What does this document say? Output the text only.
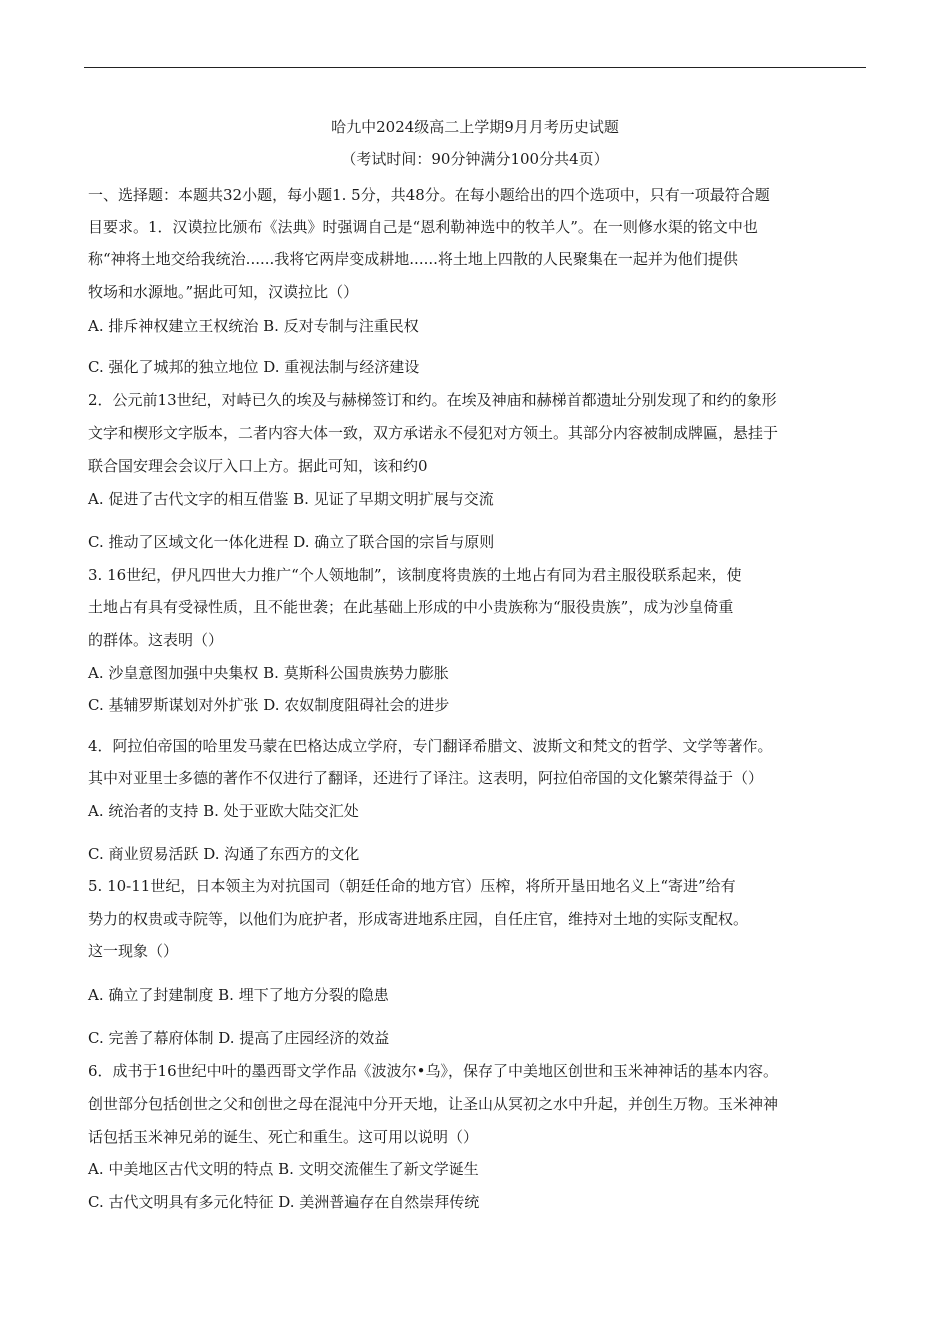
哈九中2024级高二上学期9月月考历史试题
（考试时间：90分钟满分100分共4页）
一、选择题：本题共32小题，每小题1. 5分，共48分。在每小题给出的四个选项中，只有一项最符合题
目要求。1．汉谟拉比颁布《法典》时强调自己是“恩利勒神选中的牧羊人”。在一则修水渠的铭文中也
称“神将土地交给我统治......我将它两岸变成耕地......将土地上四散的人民聚集在一起并为他们提供
牧场和水源地。”据此可知，汉谟拉比（）
A. 排斥神权建立王权统治 B. 反对专制与注重民权
C. 强化了城邦的独立地位 D. 重视法制与经济建设
2．公元前13世纪，对峙已久的埃及与赫梯签订和约。在埃及神庙和赫梯首都遗址分别发现了和约的象形
文字和楔形文字版本，二者内容大体一致，双方承诺永不侵犯对方领土。其部分内容被制成牌匾，悬挂于
联合国安理会会议厅入口上方。据此可知，该和约0
A. 促进了古代文字的相互借鉴 B. 见证了早期文明扩展与交流
C. 推动了区域文化一体化进程 D. 确立了联合国的宗旨与原则
3. 16世纪，伊凡四世大力推广“个人领地制”，该制度将贵族的土地占有同为君主服役联系起来，使
土地占有具有受禄性质，且不能世袭；在此基础上形成的中小贵族称为“服役贵族”，成为沙皇倚重
的群体。这表明（）
A. 沙皇意图加强中央集权 B. 莫斯科公国贵族势力膨胀
C. 基辅罗斯谋划对外扩张 D. 农奴制度阻碍社会的进步
4．阿拉伯帝国的哈里发马蒙在巴格达成立学府，专门翻译希腊文、波斯文和梵文的哲学、文学等著作。
其中对亚里士多德的著作不仅进行了翻译，还进行了译注。这表明，阿拉伯帝国的文化繁荣得益于（）
A. 统治者的支持 B. 处于亚欧大陆交汇处
C. 商业贸易活跃 D. 沟通了东西方的文化
5. 10-11世纪，日本领主为对抗国司（朝廷任命的地方官）压榨，将所开垦田地名义上“寄进”给有
势力的权贵或寺院等，以他们为庇护者，形成寄进地系庄园，自任庄官，维持对土地的实际支配权。
这一现象（）
A. 确立了封建制度 B. 埋下了地方分裂的隐患
C. 完善了幕府体制 D. 提高了庄园经济的效益
6．成书于16世纪中叶的墨西哥文学作品《波波尔•乌》，保存了中美地区创世和玉米神神话的基本内容。
创世部分包括创世之父和创世之母在混沌中分开天地，让圣山从冥初之水中升起，并创生万物。玉米神神
话包括玉米神兄弟的诞生、死亡和重生。这可用以说明（）
A. 中美地区古代文明的特点 B. 文明交流催生了新文学诞生
C. 古代文明具有多元化特征 D. 美洲普遍存在自然崇拜传统
